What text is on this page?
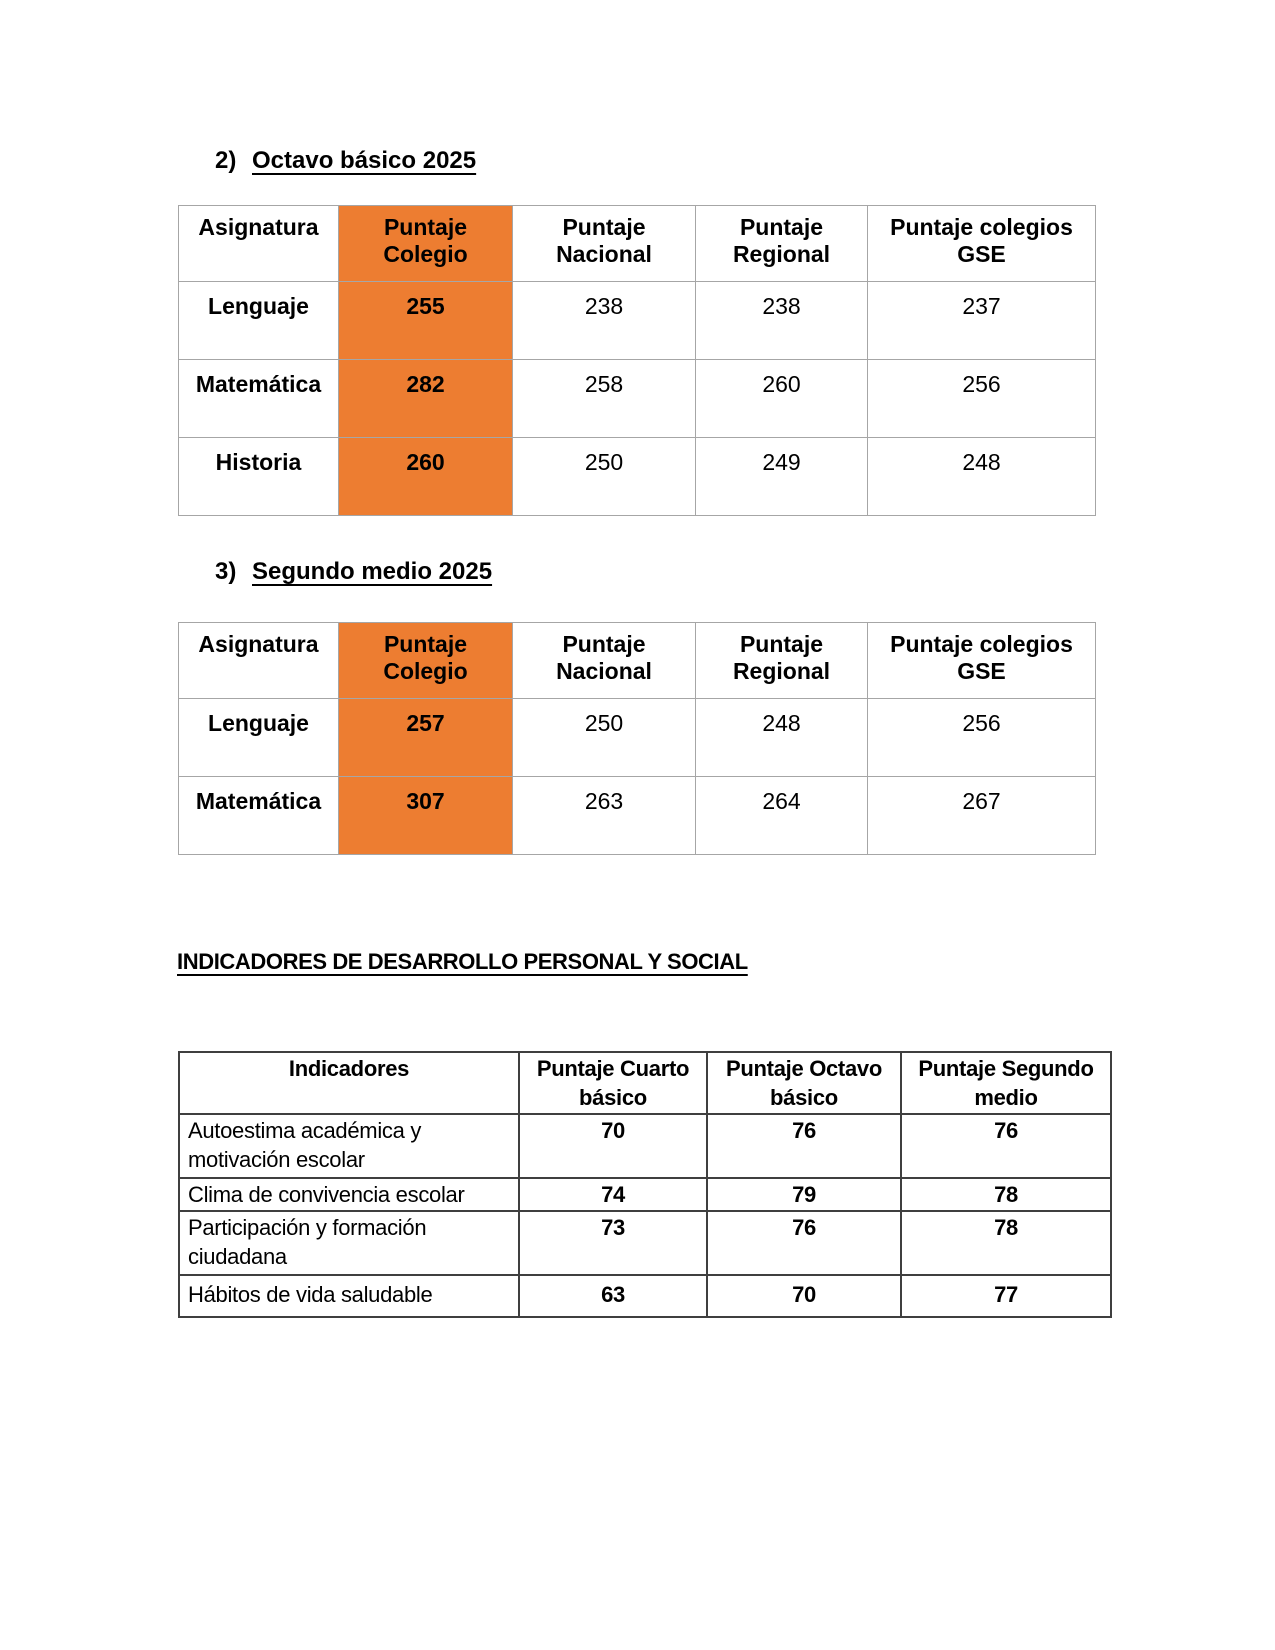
2) Octavo básico 2025
Asignatura	Puntaje Colegio	Puntaje Nacional	Puntaje Regional	Puntaje colegios GSE
Lenguaje	255	238	238	237
Matemática	282	258	260	256
Historia	260	250	249	248
3) Segundo medio 2025
Asignatura	Puntaje Colegio	Puntaje Nacional	Puntaje Regional	Puntaje colegios GSE
Lenguaje	257	250	248	256
Matemática	307	263	264	267
INDICADORES DE DESARROLLO PERSONAL Y SOCIAL
Indicadores	Puntaje Cuarto básico	Puntaje Octavo básico	Puntaje Segundo medio
Autoestima académica y motivación escolar	70	76	76
Clima de convivencia escolar	74	79	78
Participación y formación ciudadana	73	76	78
Hábitos de vida saludable	63	70	77
